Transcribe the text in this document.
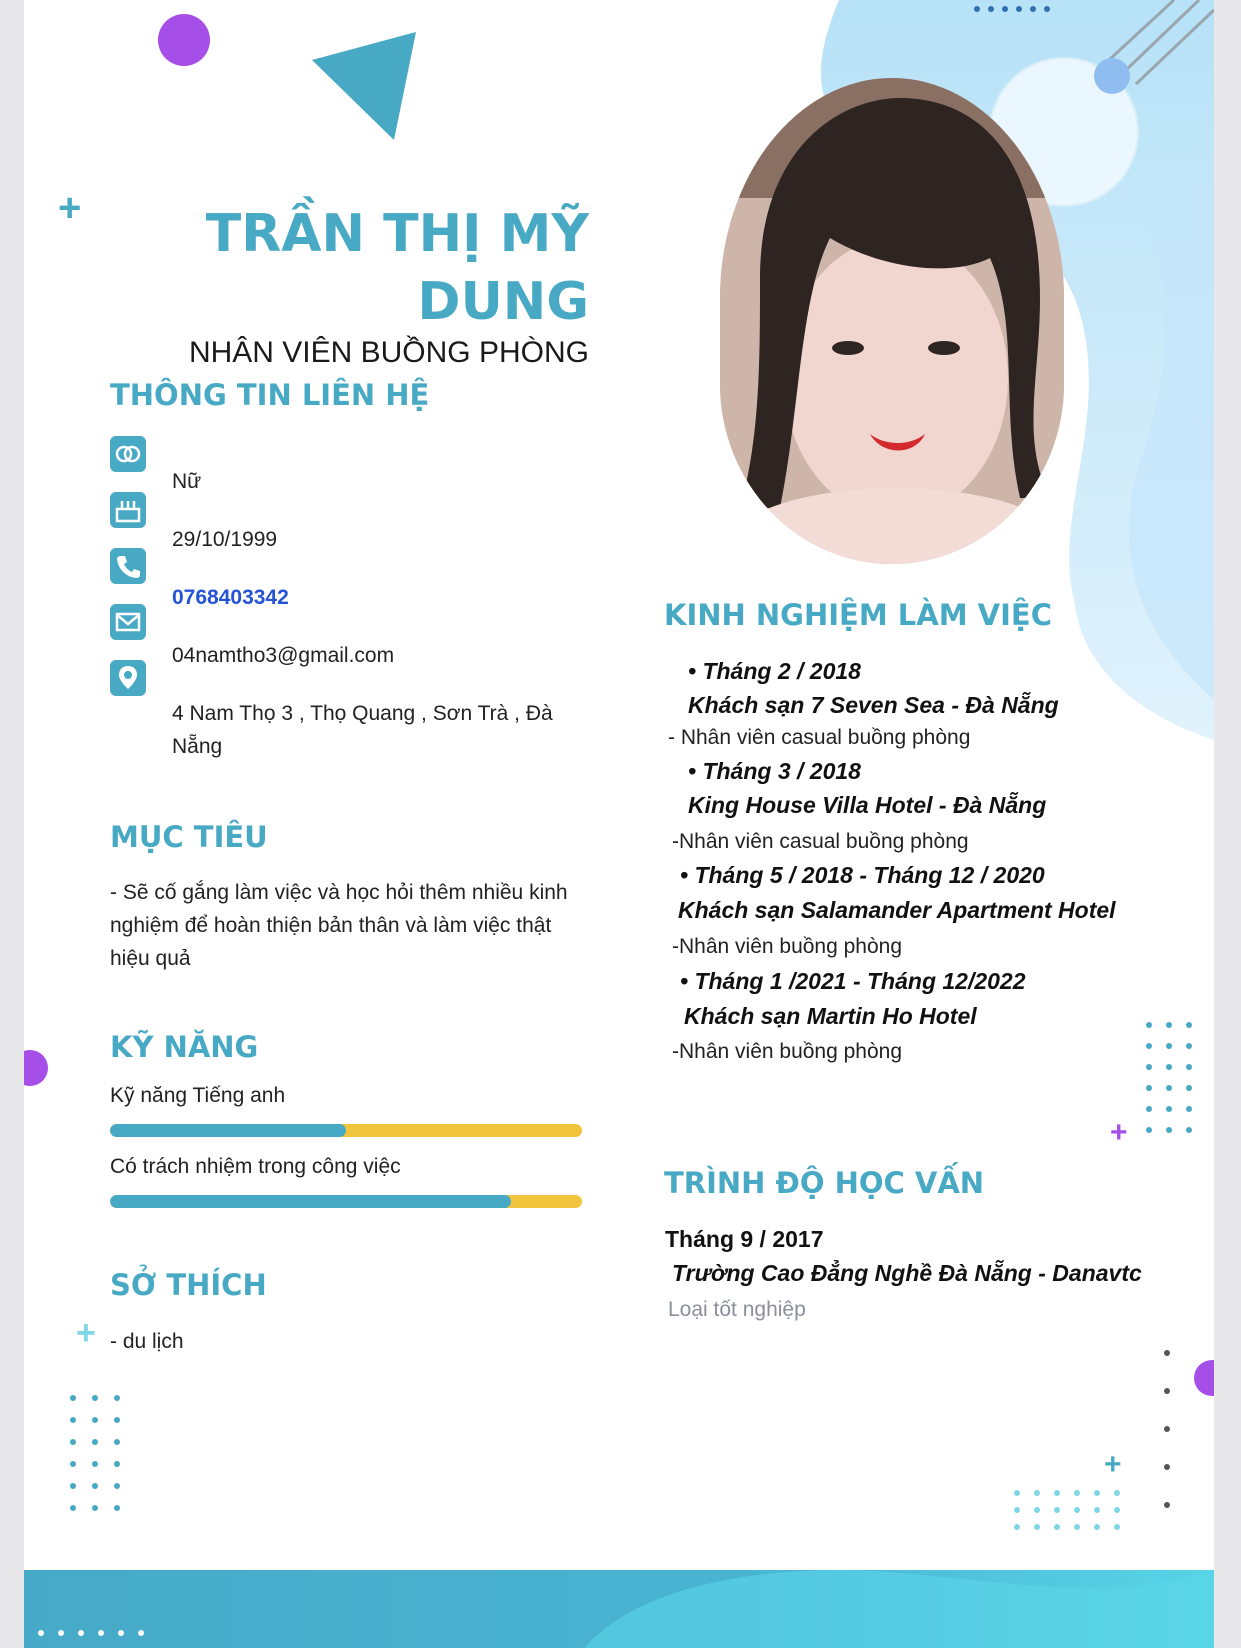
+
+
+
+
TRẦN THỊ MỸ
DUNG
NHÂN VIÊN BUỒNG PHÒNG
THÔNG TIN LIÊN HỆ
Nữ
29/10/1999
0768403342
04namtho3@gmail.com
4 Nam Thọ 3 , Thọ Quang , Sơn Trà , Đà Nẵng
MỤC TIÊU
- Sẽ cố gắng làm việc và học hỏi thêm nhiều kinh nghiệm để hoàn thiện bản thân và làm việc thật hiệu quả
KỸ NĂNG
Kỹ năng Tiếng anh
Có trách nhiệm trong công việc
SỞ THÍCH
- du lịch
KINH NGHIỆM LÀM VIỆC
• Tháng 2 / 2018
Khách sạn 7 Seven Sea - Đà Nẵng
- Nhân viên casual buồng phòng
• Tháng 3 / 2018
King House Villa Hotel - Đà Nẵng
-Nhân viên casual buồng phòng
• Tháng 5 / 2018 - Tháng 12 / 2020
Khách sạn Salamander Apartment Hotel
-Nhân viên buồng phòng
• Tháng 1 /2021 - Tháng 12/2022
Khách sạn Martin Ho Hotel
-Nhân viên buồng phòng
TRÌNH ĐỘ HỌC VẤN
Tháng 9 / 2017
Trường Cao Đẳng Nghề Đà Nẵng - Danavtc
Loại tốt nghiệp
